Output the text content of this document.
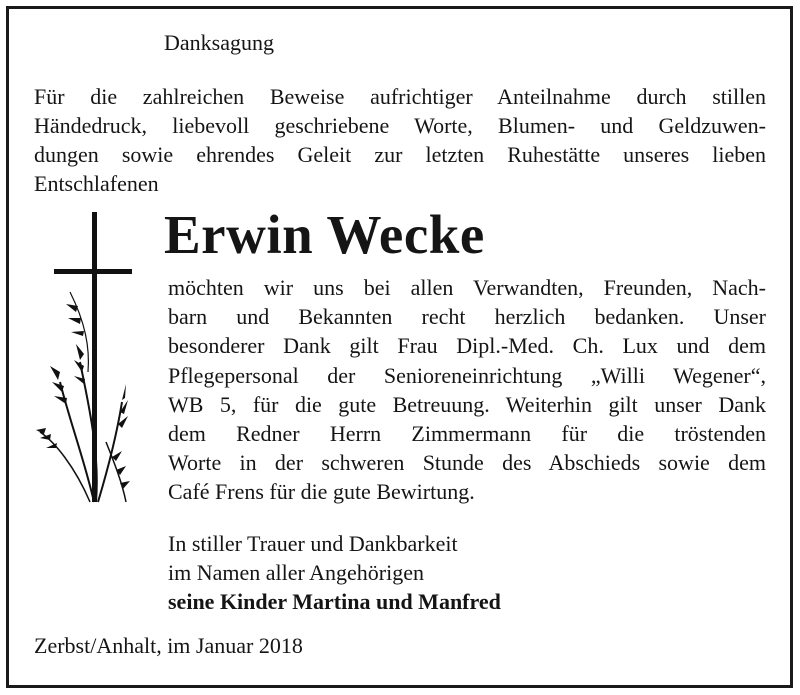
Danksagung
Für die zahlreichen Beweise aufrichtiger Anteilnahme durch stillen
Händedruck, liebevoll geschriebene Worte, Blumen- und Geldzuwen-
dungen sowie ehrendes Geleit zur letzten Ruhestätte unseres lieben
Entschlafenen
Erwin Wecke
möchten wir uns bei allen Verwandten, Freunden, Nach-
barn und Bekannten recht herzlich bedanken. Unser
besonderer Dank gilt Frau Dipl.-Med. Ch. Lux und dem
Pflegepersonal der Senioreneinrichtung „Willi Wegener“,
WB 5, für die gute Betreuung. Weiterhin gilt unser Dank
dem Redner Herrn Zimmermann für die tröstenden
Worte in der schweren Stunde des Abschieds sowie dem
Café Frens für die gute Bewirtung.
In stiller Trauer und Dankbarkeit
im Namen aller Angehörigen
seine Kinder Martina und Manfred
Zerbst/Anhalt, im Januar 2018
